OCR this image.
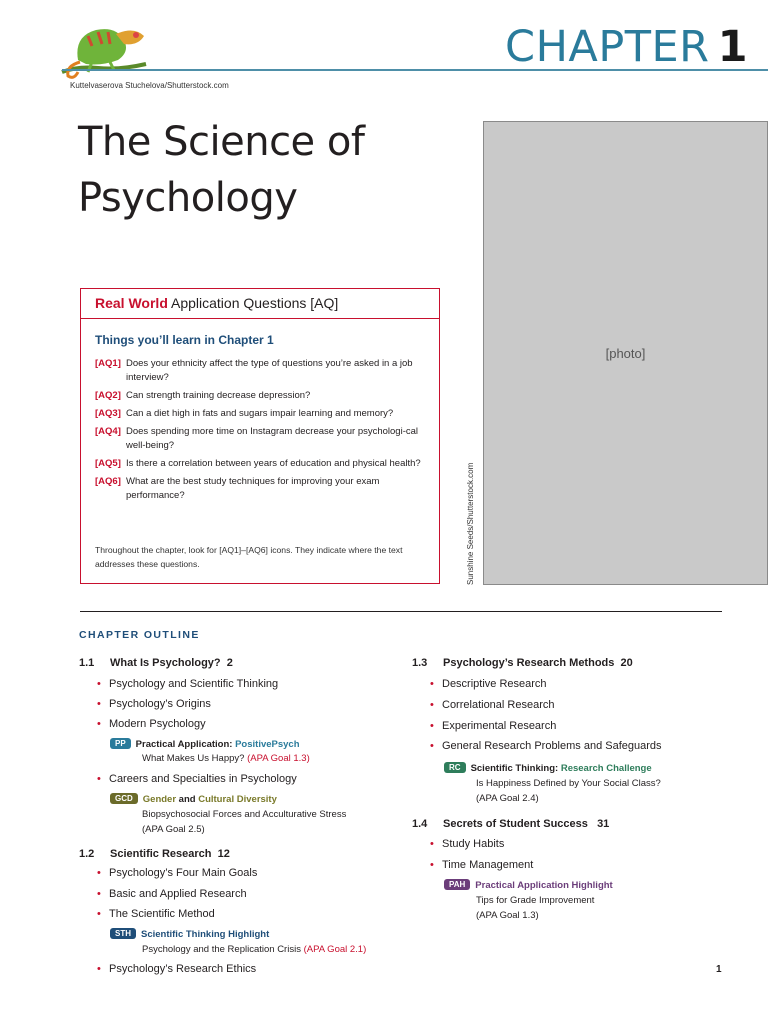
CHAPTER 1
Kuttelvaserova Stuchelova/Shutterstock.com
The Science of
Psychology
[photo]
Sunshine Seeds/Shutterstock.com
Real World Application Questions [AQ]
Things you’ll learn in Chapter 1
[AQ1] Does your ethnicity affect the type of questions you’re asked in a job interview?
[AQ2] Can strength training decrease depression?
[AQ3] Can a diet high in fats and sugars impair learning and memory?
[AQ4] Does spending more time on Instagram decrease your psychologi-cal well-being?
[AQ5] Is there a correlation between years of education and physical health?
[AQ6] What are the best study techniques for improving your exam performance?
Throughout the chapter, look for [AQ1]–[AQ6] icons. They indicate where the text addresses these questions.
CHAPTER OUTLINE
1.1 What Is Psychology? 2
• Psychology and Scientific Thinking
• Psychology’s Origins
• Modern Psychology
PP Practical Application: PositivePsych
What Makes Us Happy? (APA Goal 1.3)
• Careers and Specialties in Psychology
GCD Gender and Cultural Diversity
Biopsychosocial Forces and Acculturative Stress
(APA Goal 2.5)
1.2 Scientific Research 12
• Psychology’s Four Main Goals
• Basic and Applied Research
• The Scientific Method
STH Scientific Thinking Highlight
Psychology and the Replication Crisis (APA Goal 2.1)
• Psychology’s Research Ethics
1.3 Psychology’s Research Methods 20
• Descriptive Research
• Correlational Research
• Experimental Research
• General Research Problems and Safeguards
RC Scientific Thinking: Research Challenge
Is Happiness Defined by Your Social Class?
(APA Goal 2.4)
1.4 Secrets of Student Success 31
• Study Habits
• Time Management
PAH Practical Application Highlight
Tips for Grade Improvement
(APA Goal 1.3)
1
